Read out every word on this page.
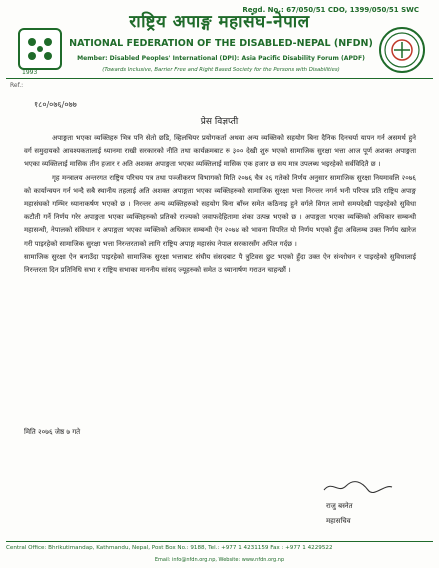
Regd. No.: 67/050/51 CDO, 1399/050/51 SWC
1993
राष्ट्रिय अपाङ्ग महासंघ-नेपाल
NATIONAL FEDERATION OF THE DISABLED-NEPAL (NFDN)
Member: Disabled Peoples' International (DPI): Asia Pacific Disability Forum (APDF)
(Towards Inclusive, Barrier Free and Right Based Society for the Persons with Disabilities)
Ref.:
१८०/०७६/०७७
प्रेस विज्ञप्ती

अपाङ्गता भएका व्यक्तिहरु भित्र पनि सेतो छडि, व्हिलचियर प्रयोगकर्ता अथवा अन्य व्यक्तिको सहयोग बिना दैनिक दिनचर्या यापन गर्न असमर्थ हुने वर्ग समुदायको आवश्यकतालाई ध्यानमा राखी सरकारको नीति तथा कार्यक्रमबाट रु ३०० देखी शुरु भएको सामाजिक सुरक्षा भत्ता आज पूर्ण अशक्त अपाङ्गता भएका व्यक्तिलाई मासिक तीन हजार र अति अशक्त अपाङ्गता भएका व्यक्तिलाई मासिक एक हजार छ सय मात्र उपलब्ध भइरहेको सर्वविदितै छ ।

गृह मन्त्रालय अन्तरगत राष्ट्रिय परिचय पत्र तथा पञ्जीकरण विभागको मिति २०७६ चैत्र २६ गतेको निर्णय अनुसार सामाजिक सुरक्षा नियमावलि २०७६ को कार्यान्वयन गर्न भन्दै सबै स्थानीय तहलाई अति अशक्त अपाङ्गता भएका व्यक्तिहरुको सामाजिक सुरक्षा भत्ता निरन्तर नगर्न भनी परिपत्र प्रति राष्ट्रिय अपाङ्ग महासंघको गम्भिर ध्यानाकर्षण भएको छ । निरन्तर अन्य व्यक्तिहरुको सहयोग बिना बाँच्न समेत कठिनाइ हुने वर्गले विगत लामो समयदेखी पाइरहेको सुविधा कटौती गर्ने निर्णय गरेर अपाङ्गता भएका व्यक्तिहरुको प्रतिको राज्यको जवाफदेहितामा शंका उत्पन्न भएको छ । अपाङ्गता भएका व्यक्तिको अधिकार सम्बन्धी महासन्धी, नेपालको संविधान र अपाङ्गता भएका व्यक्तिको अधिकार सम्बन्धी ऐन २०७४ को भावना विपरित यो निर्णय भएको हुँदा अविलम्ब उक्त निर्णय खारेज गरी पाइरहेको सामाजिक सुरक्षा भत्ता निरन्तरताको लागि राष्ट्रिय अपाङ्ग महासंघ नेपाल सरकारसँग अपिल गर्दछ ।

सामाजिक सुरक्षा ऐन बनाउँदा पाइरहेको सामाजिक सुरक्षा भत्ताबाट संघीय संसदबाट पै त्रुटिवस छुट भएको हुँदा उक्त ऐन संन्शोधन र पाइरहेको सुविधालाई निरन्तरता दिन प्रतिनिधि सभा र राष्ट्रिय सभाका माननीय सांसद ज्यूहरुको समेत उ ध्यानार्षण गराउन चाहन्छौं ।

मिति २०७६ जेष्ठ ७ गते
राजु बस्नेत
महासचिव
Central Office: Bhrikutimandap, Kathmandu, Nepal, Post Box No.: 9188, Tel.: +977 1 4231159 Fax : +977 1 4229522
Email: info@nfdn.org.np, Website: www.nfdn.org.np
